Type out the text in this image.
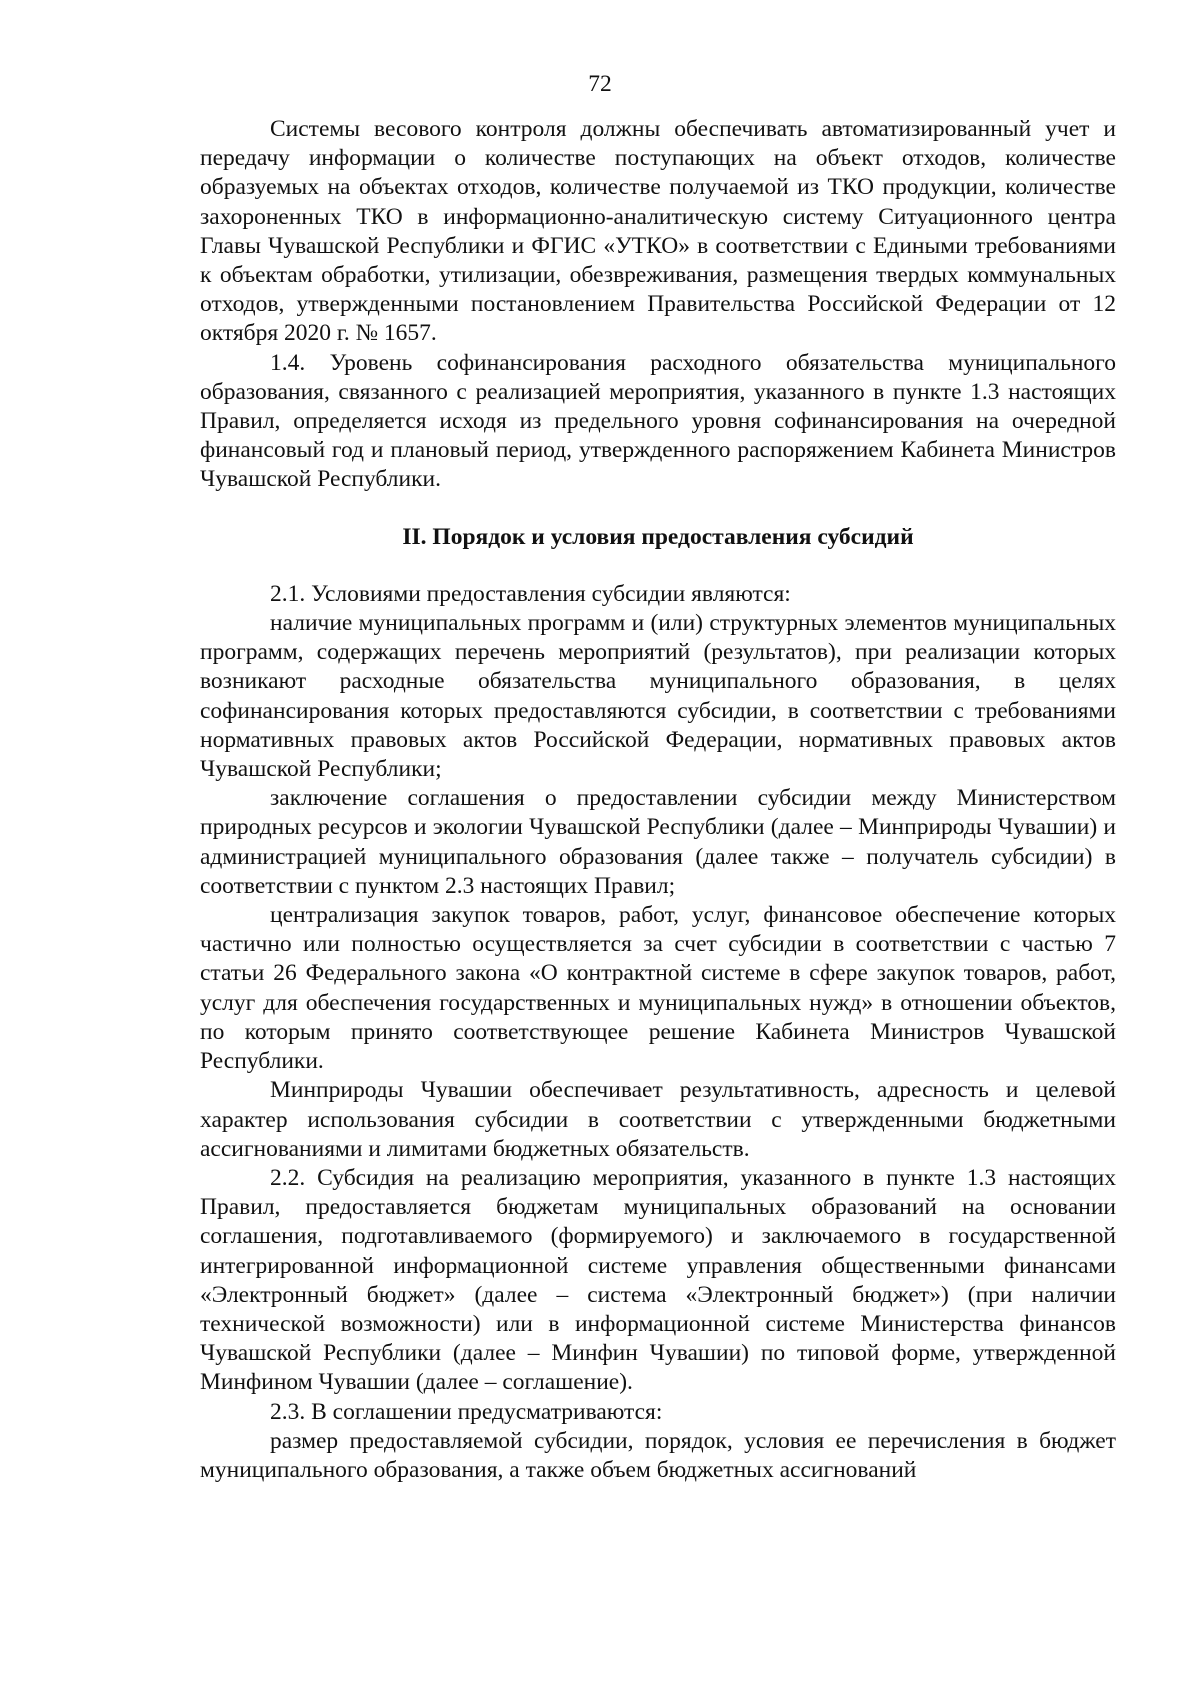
72

Системы весового контроля должны обеспечивать автоматизированный учет и передачу информации о количестве поступающих на объект отходов, количестве образуемых на объектах отходов, количестве получаемой из ТКО продукции, количестве захороненных ТКО в информационно-аналитическую систему Ситуационного центра Главы Чувашской Республики и ФГИС «УТКО» в соответствии с Едиными требованиями к объектам обработки, утилизации, обезвреживания, размещения твердых коммунальных отходов, утвержденными постановлением Правительства Российской Федерации от 12 октября 2020 г. № 1657.

1.4. Уровень софинансирования расходного обязательства муниципального образования, связанного с реализацией мероприятия, указанного в пункте 1.3 настоящих Правил, определяется исходя из предельного уровня софинансирования на очередной финансовый год и плановый период, утвержденного распоряжением Кабинета Министров Чувашской Республики.

II. Порядок и условия предоставления субсидий

2.1. Условиями предоставления субсидии являются:

наличие муниципальных программ и (или) структурных элементов муниципальных программ, содержащих перечень мероприятий (результатов), при реализации которых возникают расходные обязательства муниципального образования, в целях софинансирования которых предоставляются субсидии, в соответствии с требованиями нормативных правовых актов Российской Федерации, нормативных правовых актов Чувашской Республики;

заключение соглашения о предоставлении субсидии между Министерством природных ресурсов и экологии Чувашской Республики (далее – Минприроды Чувашии) и администрацией муниципального образования (далее также – получатель субсидии) в соответствии с пунктом 2.3 настоящих Правил;

централизация закупок товаров, работ, услуг, финансовое обеспечение которых частично или полностью осуществляется за счет субсидии в соответствии с частью 7 статьи 26 Федерального закона «О контрактной системе в сфере закупок товаров, работ, услуг для обеспечения государственных и муниципальных нужд» в отношении объектов, по которым принято соответствующее решение Кабинета Министров Чувашской Республики.

Минприроды Чувашии обеспечивает результативность, адресность и целевой характер использования субсидии в соответствии с утвержденными бюджетными ассигнованиями и лимитами бюджетных обязательств.

2.2. Субсидия на реализацию мероприятия, указанного в пункте 1.3 настоящих Правил, предоставляется бюджетам муниципальных образований на основании соглашения, подготавливаемого (формируемого) и заключаемого в государственной интегрированной информационной системе управления общественными финансами «Электронный бюджет» (далее – система «Электронный бюджет») (при наличии технической возможности) или в информационной системе Министерства финансов Чувашской Республики (далее – Минфин Чувашии) по типовой форме, утвержденной Минфином Чувашии (далее – соглашение).

2.3. В соглашении предусматриваются:

размер предоставляемой субсидии, порядок, условия ее перечисления в бюджет муниципального образования, а также объем бюджетных ассигнований
